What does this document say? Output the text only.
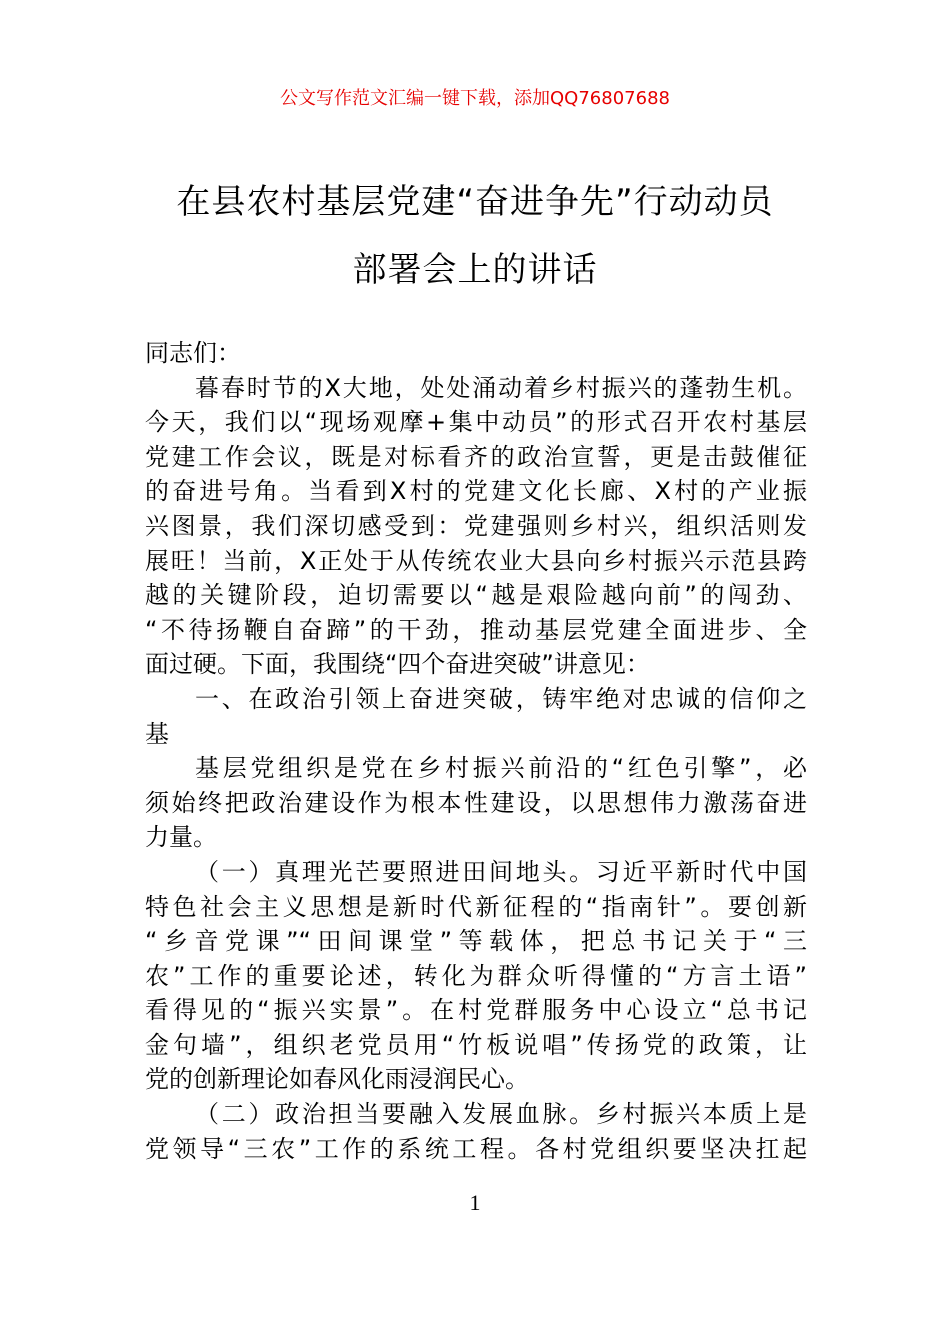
公文写作范文汇编一键下载，添加QQ76807688
在县农村基层党建“奋进争先”行动动员
部署会上的讲话
同志们：
暮春时节的X大地，处处涌动着乡村振兴的蓬勃生机。
今天，我们以“现场观摩+集中动员”的形式召开农村基层
党建工作会议，既是对标看齐的政治宣誓，更是击鼓催征
的奋进号角。当看到X村的党建文化长廊、X村的产业振
兴图景，我们深切感受到：党建强则乡村兴，组织活则发
展旺！当前，X正处于从传统农业大县向乡村振兴示范县跨
越的关键阶段，迫切需要以“越是艰险越向前”的闯劲、
“不待扬鞭自奋蹄”的干劲，推动基层党建全面进步、全
面过硬。下面，我围绕“四个奋进突破”讲意见：
一、在政治引领上奋进突破，铸牢绝对忠诚的信仰之
基
基层党组织是党在乡村振兴前沿的“红色引擎”，必
须始终把政治建设作为根本性建设，以思想伟力激荡奋进
力量。
（一）真理光芒要照进田间地头。习近平新时代中国
特色社会主义思想是新时代新征程的“指南针”。要创新
“乡音党课”“田间课堂”等载体，把总书记关于“三
农”工作的重要论述，转化为群众听得懂的“方言土语”
看得见的“振兴实景”。在村党群服务中心设立“总书记
金句墙”，组织老党员用“竹板说唱”传扬党的政策，让
党的创新理论如春风化雨浸润民心。
（二）政治担当要融入发展血脉。乡村振兴本质上是
党领导“三农”工作的系统工程。各村党组织要坚决扛起
1
